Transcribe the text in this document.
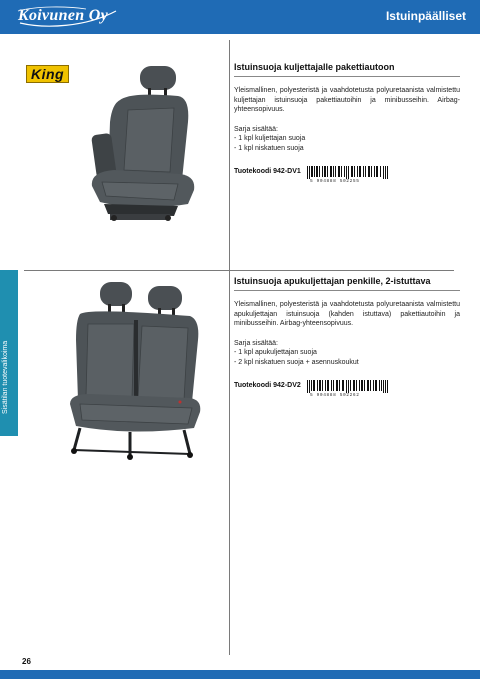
Koivunen Oy	Istuinpäälliset
Sisätilan tuotevalikoima
King	Istuinsuoja kuljettajalle pakettiautoon

Yleismallinen, polyesteristä ja vaahdotetusta polyuretaanista valmistettu kuljettajan istuinsuoja pakettiautoihin ja minibusseihin. Airbag-yhteensopivuus.

Sarja sisältää:

- 1 kpl kuljettajan suoja

- 1 kpl niskatuen suoja

Tuotekoodi 942-DV1
5 904888 502255

Istuinsuoja apukuljettajan penkille, 2-istuttava

Yleismallinen, polyesteristä ja vaahdotetusta polyuretaanista valmistettu apukuljettajan istuinsuoja (kahden istuttava) pakettiautoihin ja minibusseihin. Airbag-yhteensopivuus.

Sarja sisältää:

- 1 kpl apukuljettajan suoja

- 2 kpl niskatuen suoja + asennuskoukut

Tuotekoodi 942-DV2
5 904888 502262
26
